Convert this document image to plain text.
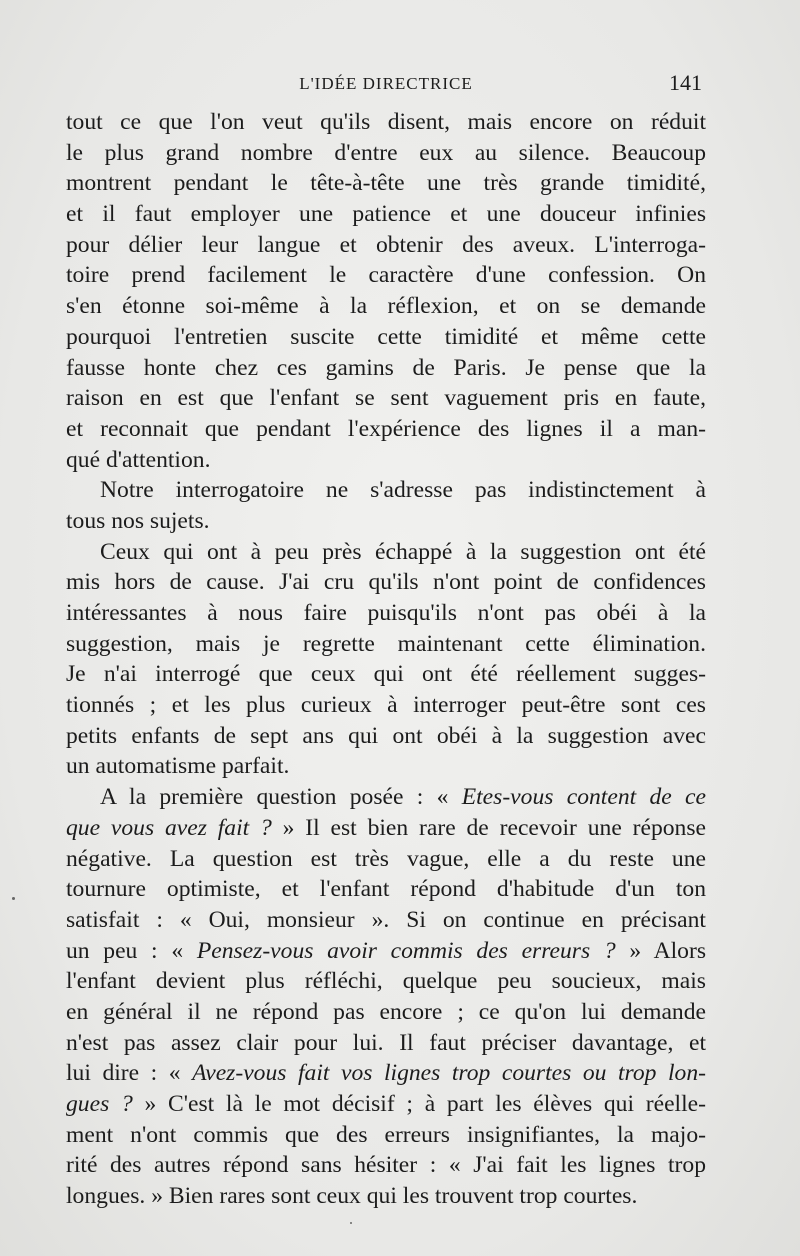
L'IDÉE DIRECTRICE	141
tout ce que l'on veut qu'ils disent, mais encore on réduit
le plus grand nombre d'entre eux au silence. Beaucoup
montrent pendant le tête-à-tête une très grande timidité,
et il faut employer une patience et une douceur infinies
pour délier leur langue et obtenir des aveux. L'interroga-
toire prend facilement le caractère d'une confession. On
s'en étonne soi-même à la réflexion, et on se demande
pourquoi l'entretien suscite cette timidité et même cette
fausse honte chez ces gamins de Paris. Je pense que la
raison en est que l'enfant se sent vaguement pris en faute,
et reconnait que pendant l'expérience des lignes il a man-
qué d'attention.
Notre interrogatoire ne s'adresse pas indistinctement à
tous nos sujets.
Ceux qui ont à peu près échappé à la suggestion ont été
mis hors de cause. J'ai cru qu'ils n'ont point de confidences
intéressantes à nous faire puisqu'ils n'ont pas obéi à la
suggestion, mais je regrette maintenant cette élimination.
Je n'ai interrogé que ceux qui ont été réellement sugges-
tionnés ; et les plus curieux à interroger peut-être sont ces
petits enfants de sept ans qui ont obéi à la suggestion avec
un automatisme parfait.
A la première question posée : « Etes-vous content de ce
que vous avez fait ? » Il est bien rare de recevoir une réponse
négative. La question est très vague, elle a du reste une
tournure optimiste, et l'enfant répond d'habitude d'un ton
satisfait : « Oui, monsieur ». Si on continue en précisant
un peu : « Pensez-vous avoir commis des erreurs ? » Alors
l'enfant devient plus réfléchi, quelque peu soucieux, mais
en général il ne répond pas encore ; ce qu'on lui demande
n'est pas assez clair pour lui. Il faut préciser davantage, et
lui dire : « Avez-vous fait vos lignes trop courtes ou trop lon-
gues ? » C'est là le mot décisif ; à part les élèves qui réelle-
ment n'ont commis que des erreurs insignifiantes, la majo-
rité des autres répond sans hésiter : « J'ai fait les lignes trop
longues. » Bien rares sont ceux qui les trouvent trop courtes.
